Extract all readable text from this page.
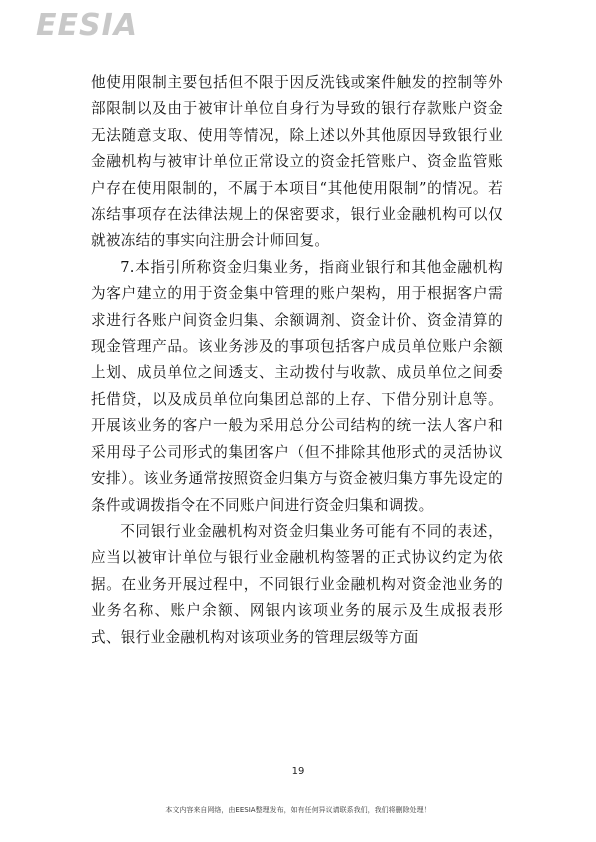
EESIA

他使用限制主要包括但不限于因反洗钱或案件触发的控制等外部限制以及由于被审计单位自身行为导致的银行存款账户资金无法随意支取、使用等情况，除上述以外其他原因导致银行业金融机构与被审计单位正常设立的资金托管账户、资金监管账户存在使用限制的，不属于本项目“其他使用限制”的情况。若冻结事项存在法律法规上的保密要求，银行业金融机构可以仅就被冻结的事实向注册会计师回复。

7.本指引所称资金归集业务，指商业银行和其他金融机构为客户建立的用于资金集中管理的账户架构，用于根据客户需求进行各账户间资金归集、余额调剂、资金计价、资金清算的现金管理产品。该业务涉及的事项包括客户成员单位账户余额上划、成员单位之间透支、主动拨付与收款、成员单位之间委托借贷，以及成员单位向集团总部的上存、下借分别计息等。开展该业务的客户一般为采用总分公司结构的统一法人客户和采用母子公司形式的集团客户（但不排除其他形式的灵活协议安排）。该业务通常按照资金归集方与资金被归集方事先设定的条件或调拨指令在不同账户间进行资金归集和调拨。

不同银行业金融机构对资金归集业务可能有不同的表述，应当以被审计单位与银行业金融机构签署的正式协议约定为依据。在业务开展过程中，不同银行业金融机构对资金池业务的业务名称、账户余额、网银内该项业务的展示及生成报表形式、银行业金融机构对该项业务的管理层级等方面

19
本文内容来自网络，由EESIA整理发布，如有任何异议请联系我们，我们将删除处理！
